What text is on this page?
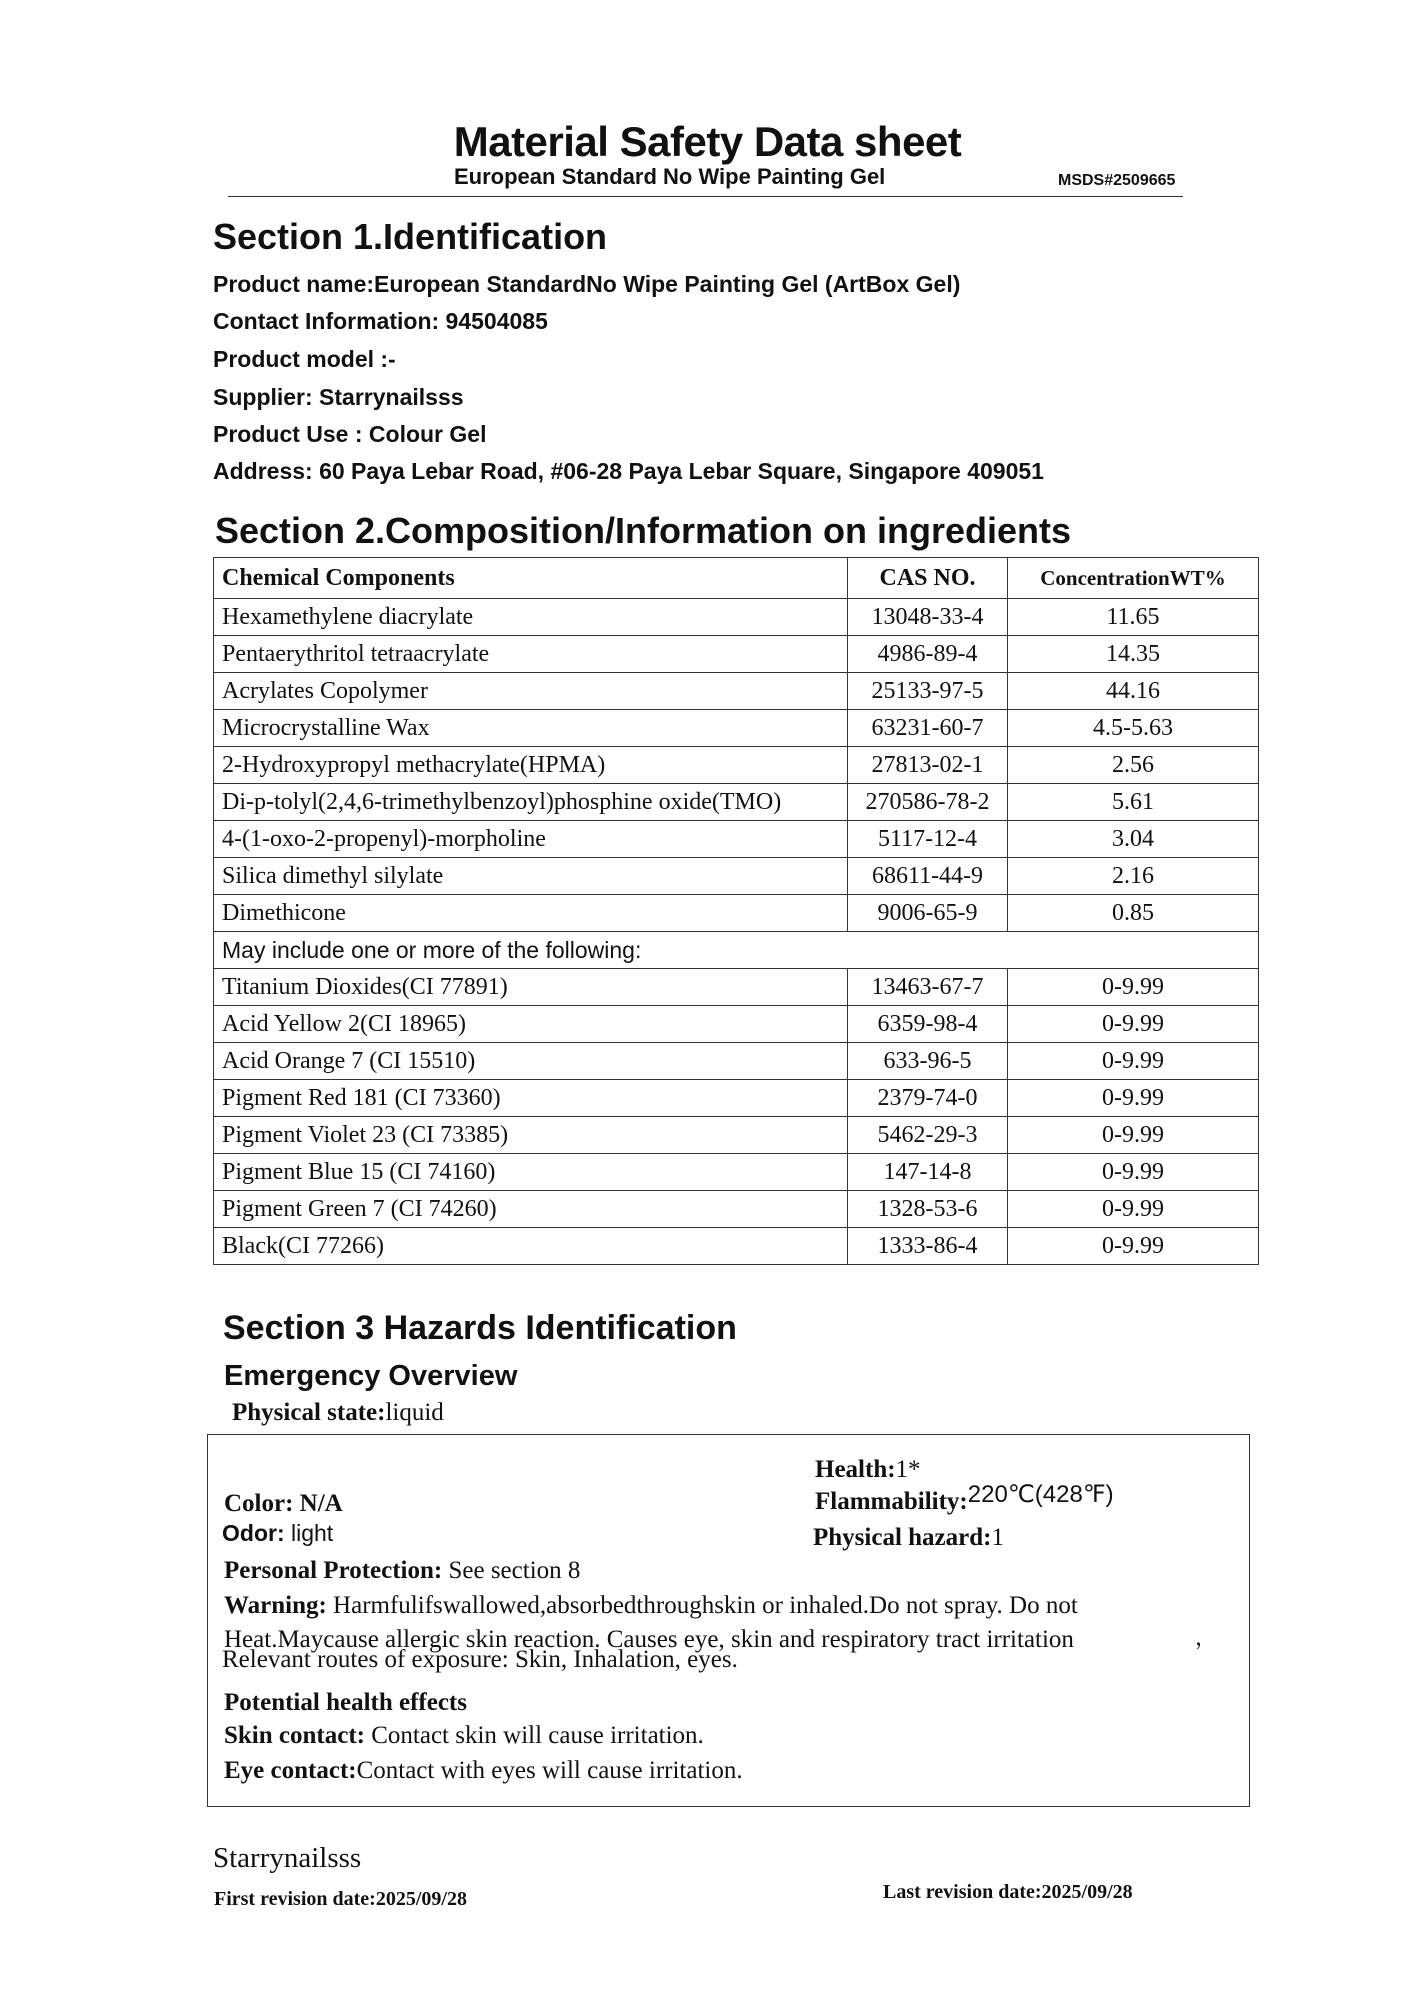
Material Safety Data sheet
European Standard No Wipe Painting Gel	MSDS#2509665
Section 1.Identification
Product name:European StandardNo Wipe Painting Gel (ArtBox Gel)
Contact Information: 94504085
Product model :-
Supplier: Starrynailsss
Product Use : Colour Gel
Address: 60 Paya Lebar Road, #06-28 Paya Lebar Square, Singapore 409051
Section 2.Composition/Information on ingredients
Chemical Components	CAS NO.	ConcentrationWT%
Hexamethylene diacrylate	13048-33-4	11.65
Pentaerythritol tetraacrylate	4986-89-4	14.35
Acrylates Copolymer	25133-97-5	44.16
Microcrystalline Wax	63231-60-7	4.5-5.63
2-Hydroxypropyl methacrylate(HPMA)	27813-02-1	2.56
Di-p-tolyl(2,4,6-trimethylbenzoyl)phosphine oxide(TMO)	270586-78-2	5.61
4-(1-oxo-2-propenyl)-morpholine	5117-12-4	3.04
Silica dimethyl silylate	68611-44-9	2.16
Dimethicone	9006-65-9	0.85
May include one or more of the following:		
Titanium Dioxides(CI 77891)	13463-67-7	0-9.99
Acid Yellow 2(CI 18965)	6359-98-4	0-9.99
Acid Orange 7 (CI 15510)	633-96-5	0-9.99
Pigment Red 181 (CI 73360)	2379-74-0	0-9.99
Pigment Violet 23 (CI 73385)	5462-29-3	0-9.99
Pigment Blue 15 (CI 74160)	147-14-8	0-9.99
Pigment Green 7 (CI 74260)	1328-53-6	0-9.99
Black(CI 77266)	1333-86-4	0-9.99
Section 3 Hazards Identification
Emergency Overview
Physical state:liquid
Health:1*
Color: N/A	Flammability:220℃(428℉)
Odor: light	Physical hazard:1
Personal Protection: See section 8
Warning: Harmfulifswallowed,absorbedthroughskin or inhaled.Do not spray. Do not
Heat.Maycause allergic skin reaction. Causes eye, skin and respiratory tract irritation	，
Relevant routes of exposure: Skin, Inhalation, eyes.
Potential health effects
Skin contact: Contact skin will cause irritation.
Eye contact:Contact with eyes will cause irritation.
Starrynailsss
First revision date:2025/09/28	Last revision date:2025/09/28
